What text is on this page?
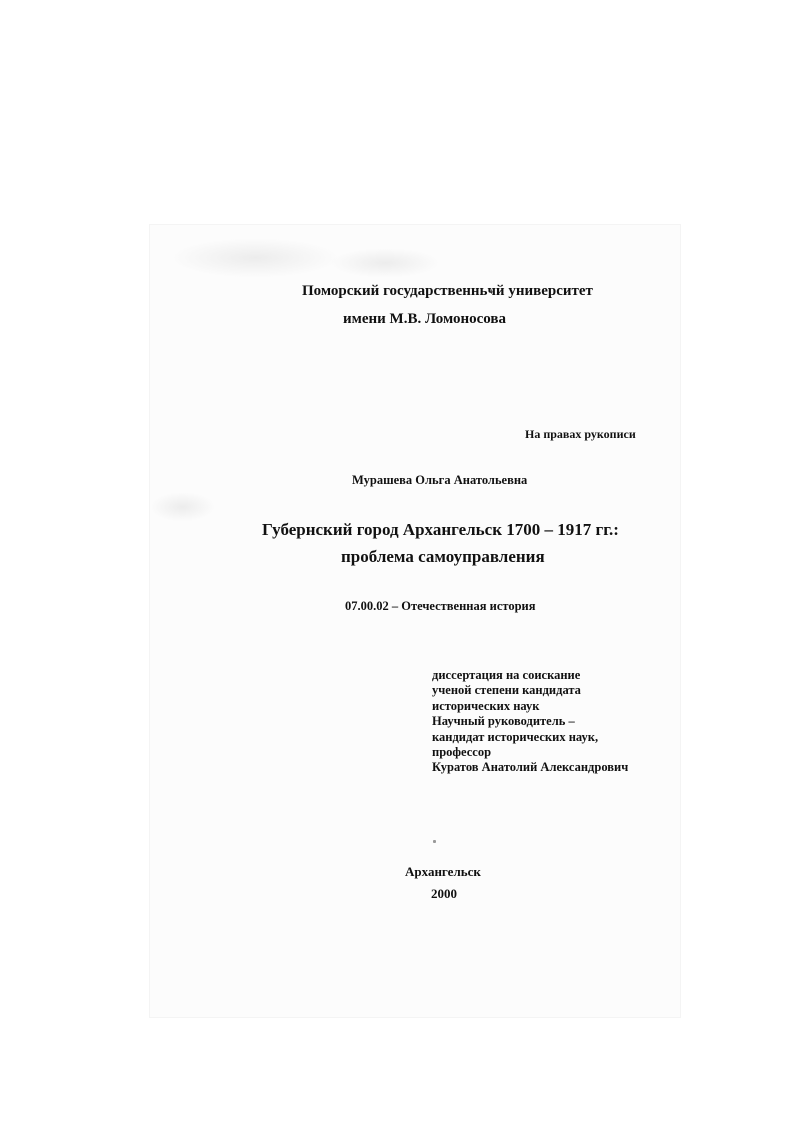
Поморский государственньҹй университет

имени М.В. Ломоносова

На правах рукописи

Мурашева Ольга Анатольевна

Губернский город Архангельск 1700 – 1917 гг.:

проблема самоуправления

07.00.02 – Отечественная история

диссертация на соискание
ученой степени кандидата
исторических наук
Научный руководитель –
кандидат исторических наук,
профессор
Куратов Анатолий Александрович

Архангельск

2000
